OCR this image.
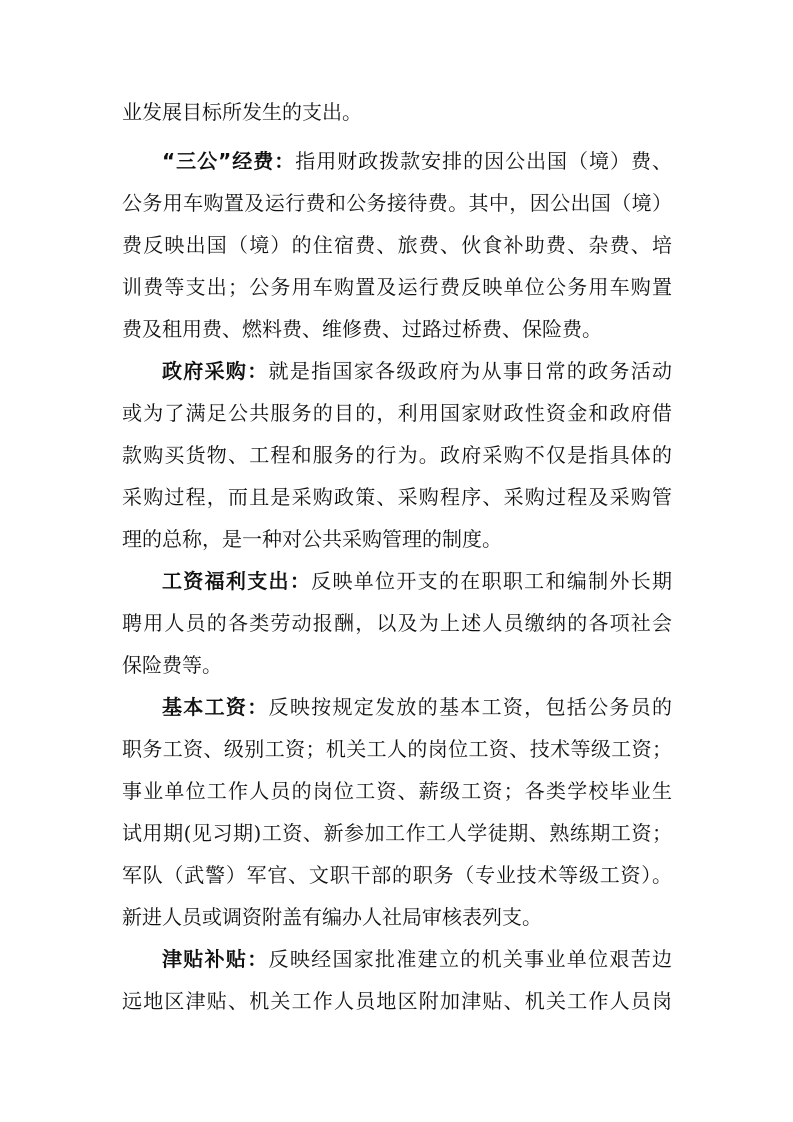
业发展目标所发生的支出。
“三公”经费：指用财政拨款安排的因公出国（境）费、
公务用车购置及运行费和公务接待费。其中，因公出国（境）
费反映出国（境）的住宿费、旅费、伙食补助费、杂费、培
训费等支出；公务用车购置及运行费反映单位公务用车购置
费及租用费、燃料费、维修费、过路过桥费、保险费。
政府采购：就是指国家各级政府为从事日常的政务活动
或为了满足公共服务的目的，利用国家财政性资金和政府借
款购买货物、工程和服务的行为。政府采购不仅是指具体的
采购过程，而且是采购政策、采购程序、采购过程及采购管
理的总称，是一种对公共采购管理的制度。
工资福利支出：反映单位开支的在职职工和编制外长期
聘用人员的各类劳动报酬，以及为上述人员缴纳的各项社会
保险费等。
基本工资：反映按规定发放的基本工资，包括公务员的
职务工资、级别工资；机关工人的岗位工资、技术等级工资；
事业单位工作人员的岗位工资、薪级工资；各类学校毕业生
试用期(见习期)工资、新参加工作工人学徒期、熟练期工资；
军队（武警）军官、文职干部的职务（专业技术等级工资）。
新进人员或调资附盖有编办人社局审核表列支。
津贴补贴：反映经国家批准建立的机关事业单位艰苦边
远地区津贴、机关工作人员地区附加津贴、机关工作人员岗
